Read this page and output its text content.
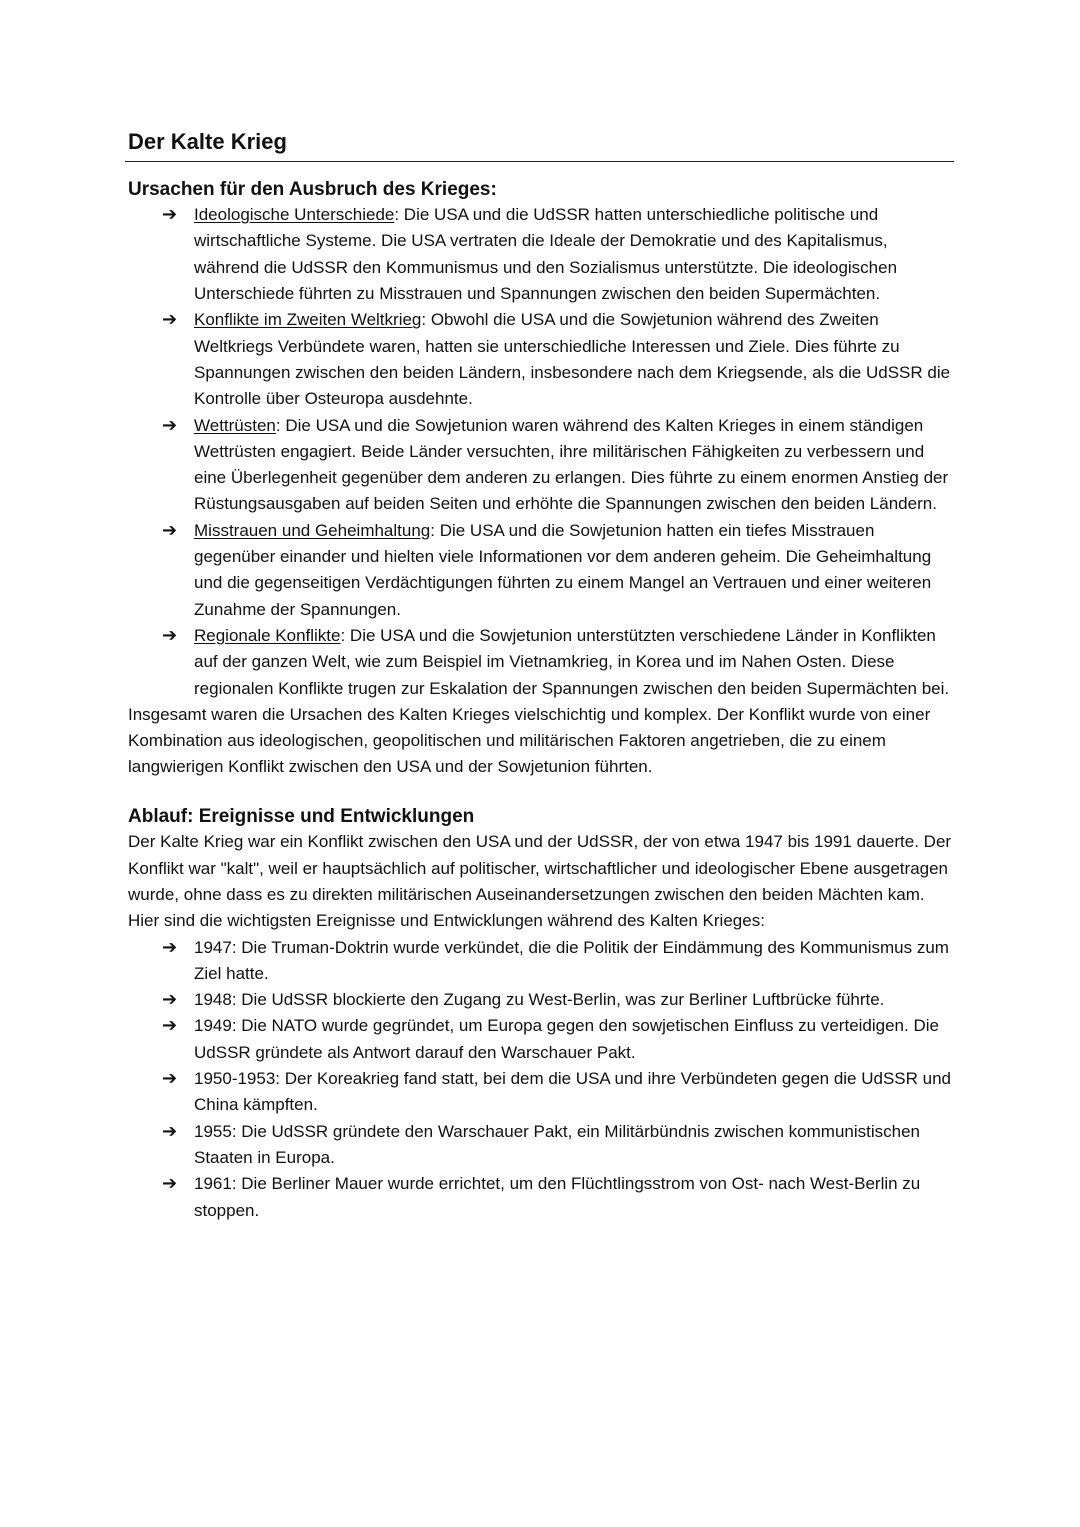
Der Kalte Krieg
Ursachen für den Ausbruch des Krieges:
➔ Ideologische Unterschiede: Die USA und die UdSSR hatten unterschiedliche politische und wirtschaftliche Systeme. Die USA vertraten die Ideale der Demokratie und des Kapitalismus, während die UdSSR den Kommunismus und den Sozialismus unterstützte. Die ideologischen Unterschiede führten zu Misstrauen und Spannungen zwischen den beiden Supermächten.
➔ Konflikte im Zweiten Weltkrieg: Obwohl die USA und die Sowjetunion während des Zweiten Weltkriegs Verbündete waren, hatten sie unterschiedliche Interessen und Ziele. Dies führte zu Spannungen zwischen den beiden Ländern, insbesondere nach dem Kriegsende, als die UdSSR die Kontrolle über Osteuropa ausdehnte.
➔ Wettrüsten: Die USA und die Sowjetunion waren während des Kalten Krieges in einem ständigen Wettrüsten engagiert. Beide Länder versuchten, ihre militärischen Fähigkeiten zu verbessern und eine Überlegenheit gegenüber dem anderen zu erlangen. Dies führte zu einem enormen Anstieg der Rüstungsausgaben auf beiden Seiten und erhöhte die Spannungen zwischen den beiden Ländern.
➔ Misstrauen und Geheimhaltung: Die USA und die Sowjetunion hatten ein tiefes Misstrauen gegenüber einander und hielten viele Informationen vor dem anderen geheim. Die Geheimhaltung und die gegenseitigen Verdächtigungen führten zu einem Mangel an Vertrauen und einer weiteren Zunahme der Spannungen.
➔ Regionale Konflikte: Die USA und die Sowjetunion unterstützten verschiedene Länder in Konflikten auf der ganzen Welt, wie zum Beispiel im Vietnamkrieg, in Korea und im Nahen Osten. Diese regionalen Konflikte trugen zur Eskalation der Spannungen zwischen den beiden Supermächten bei.

Insgesamt waren die Ursachen des Kalten Krieges vielschichtig und komplex. Der Konflikt wurde von einer Kombination aus ideologischen, geopolitischen und militärischen Faktoren angetrieben, die zu einem langwierigen Konflikt zwischen den USA und der Sowjetunion führten.

Ablauf: Ereignisse und Entwicklungen

Der Kalte Krieg war ein Konflikt zwischen den USA und der UdSSR, der von etwa 1947 bis 1991 dauerte. Der Konflikt war "kalt", weil er hauptsächlich auf politischer, wirtschaftlicher und ideologischer Ebene ausgetragen wurde, ohne dass es zu direkten militärischen Auseinandersetzungen zwischen den beiden Mächten kam.

Hier sind die wichtigsten Ereignisse und Entwicklungen während des Kalten Krieges:

➔ 1947: Die Truman-Doktrin wurde verkündet, die die Politik der Eindämmung des Kommunismus zum Ziel hatte.
➔ 1948: Die UdSSR blockierte den Zugang zu West-Berlin, was zur Berliner Luftbrücke führte.
➔ 1949: Die NATO wurde gegründet, um Europa gegen den sowjetischen Einfluss zu verteidigen. Die UdSSR gründete als Antwort darauf den Warschauer Pakt.
➔ 1950-1953: Der Koreakrieg fand statt, bei dem die USA und ihre Verbündeten gegen die UdSSR und China kämpften.
➔ 1955: Die UdSSR gründete den Warschauer Pakt, ein Militärbündnis zwischen kommunistischen Staaten in Europa.
➔ 1961: Die Berliner Mauer wurde errichtet, um den Flüchtlingsstrom von Ost- nach West-Berlin zu stoppen.
